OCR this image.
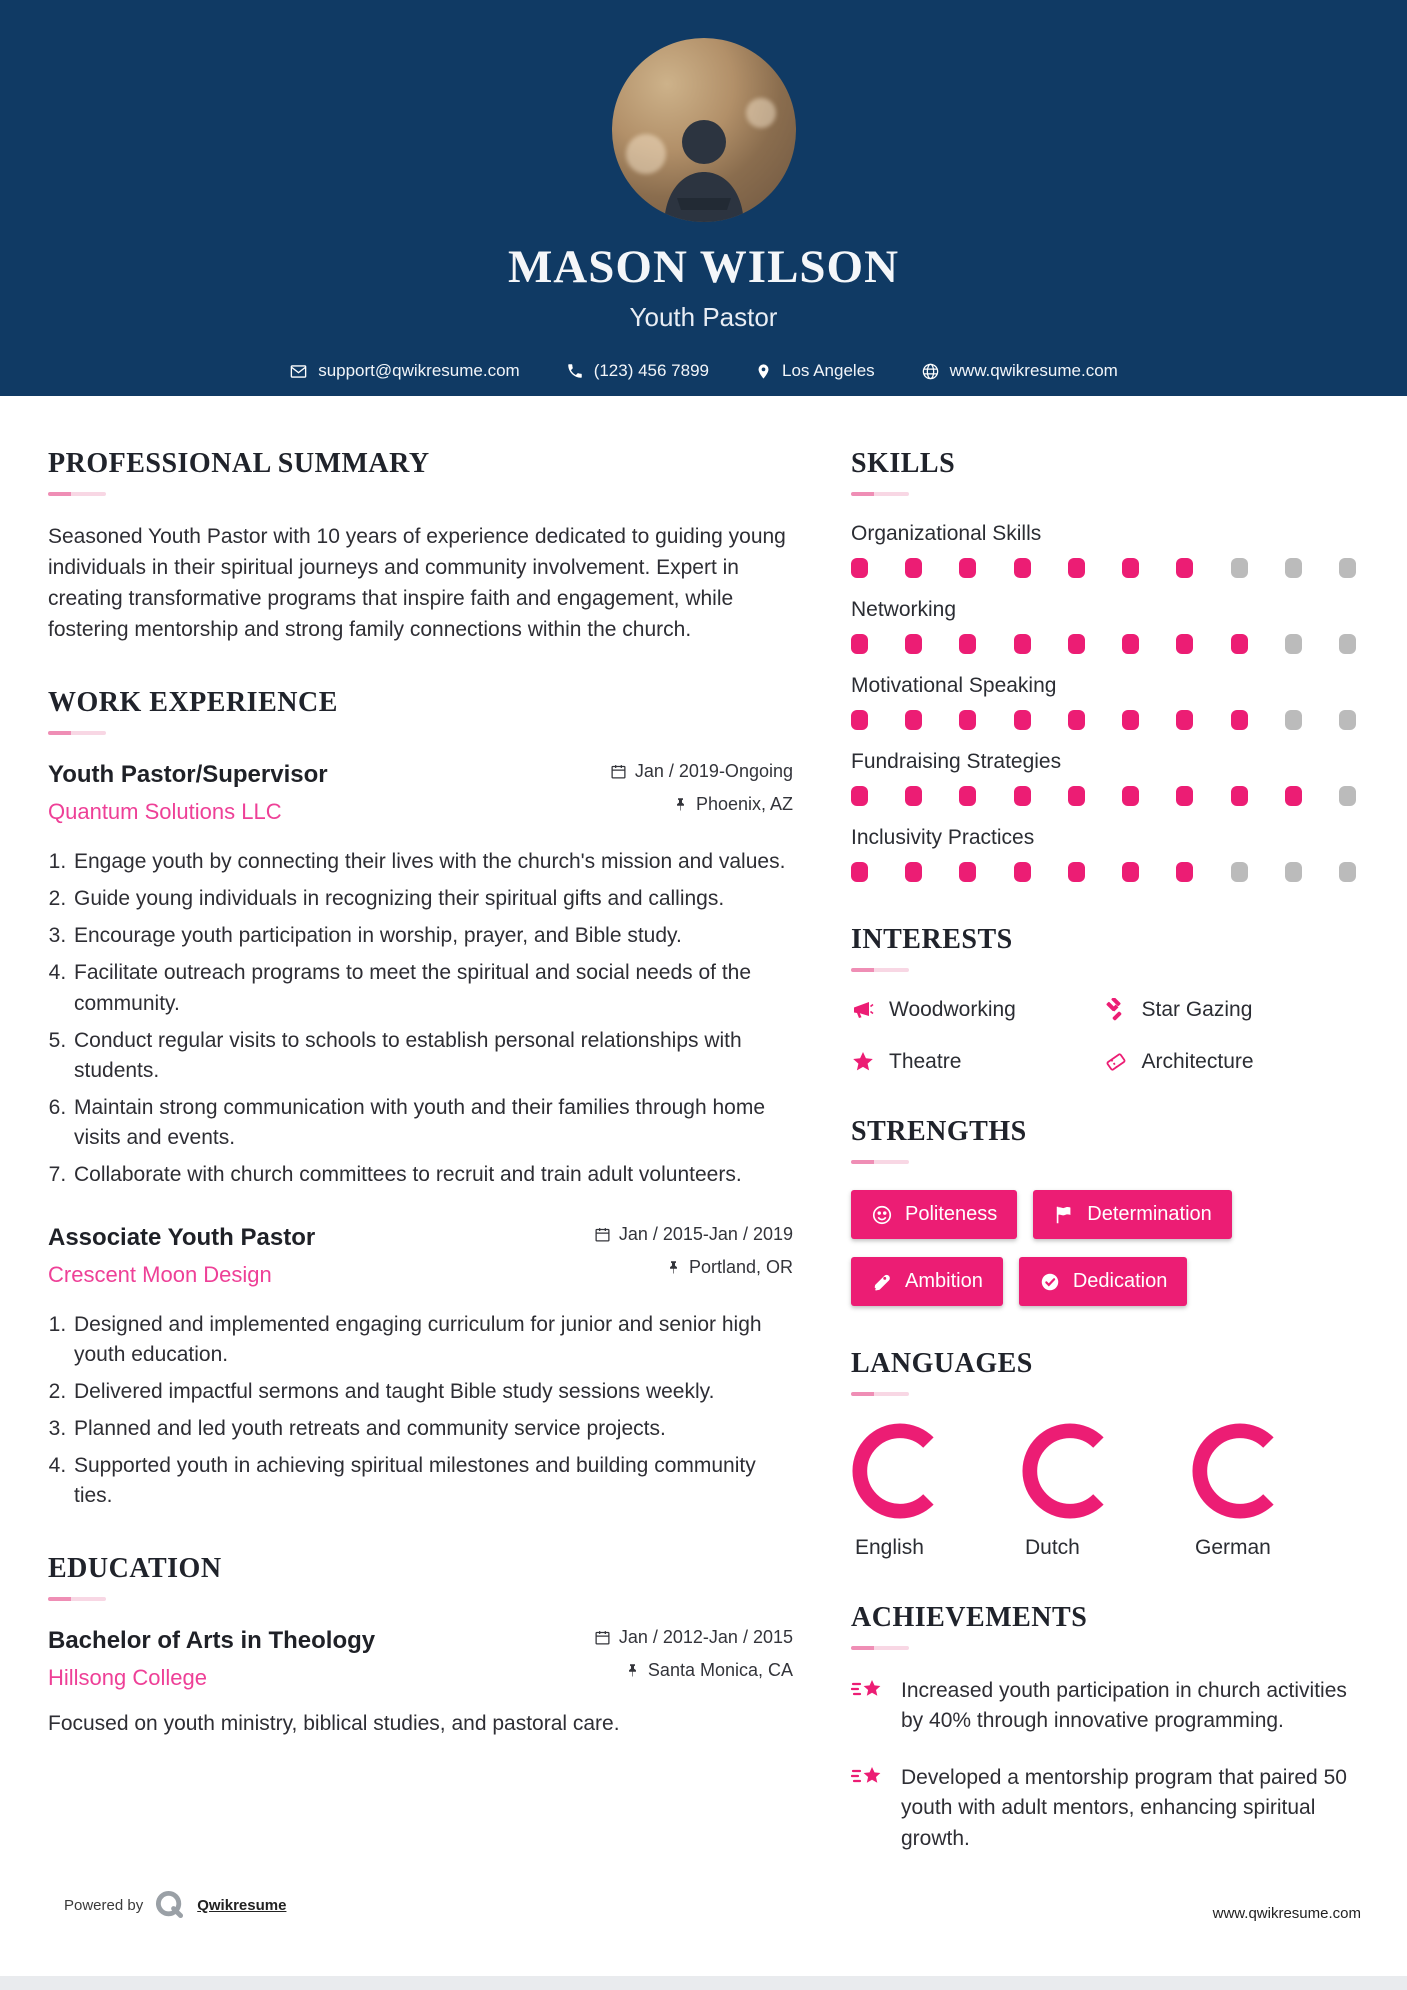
MASON WILSON
Youth Pastor
support@qwikresume.com	(123) 456 7899	Los Angeles	www.qwikresume.com
PROFESSIONAL SUMMARY

Seasoned Youth Pastor with 10 years of experience dedicated to guiding young individuals in their spiritual journeys and community involvement. Expert in creating transformative programs that inspire faith and engagement, while fostering mentorship and strong family connections within the church.

WORK EXPERIENCE
Youth Pastor/Supervisor
Quantum Solutions LLC
Jan / 2019-Ongoing
Phoenix, AZ
1. Engage youth by connecting their lives with the church's mission and values.
2. Guide young individuals in recognizing their spiritual gifts and callings.
3. Encourage youth participation in worship, prayer, and Bible study.
4. Facilitate outreach programs to meet the spiritual and social needs of the community.
5. Conduct regular visits to schools to establish personal relationships with students.
6. Maintain strong communication with youth and their families through home visits and events.
7. Collaborate with church committees to recruit and train adult volunteers.
Associate Youth Pastor
Crescent Moon Design
Jan / 2015-Jan / 2019
Portland, OR
1. Designed and implemented engaging curriculum for junior and senior high youth education.
2. Delivered impactful sermons and taught Bible study sessions weekly.
3. Planned and led youth retreats and community service projects.
4. Supported youth in achieving spiritual milestones and building community ties.
EDUCATION
Bachelor of Arts in Theology
Hillsong College
Jan / 2012-Jan / 2015
Santa Monica, CA

Focused on youth ministry, biblical studies, and pastoral care.

SKILLS
Organizational Skills
Networking
Motivational Speaking
Fundraising Strategies
Inclusivity Practices
INTERESTS
Woodworking	Star Gazing
Theatre	Architecture
STRENGTHS
Politeness	Determination
Ambition	Dedication
LANGUAGES
English	Dutch	German
ACHIEVEMENTS

Increased youth participation in church activities by 40% through innovative programming.

Developed a mentorship program that paired 50 youth with adult mentors, enhancing spiritual growth.

Powered by	Qwikresume	www.qwikresume.com
